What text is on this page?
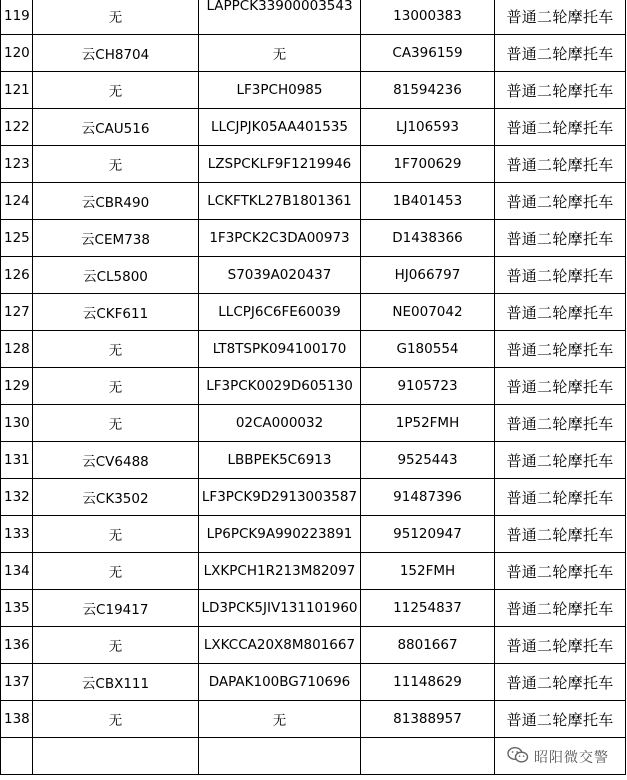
119	无	LAPPCK33900003543	13000383	普通二轮摩托车
120	云CH8704	无	CA396159	普通二轮摩托车
121	无	LF3PCH0985	81594236	普通二轮摩托车
122	云CAU516	LLCJPJK05AA401535	LJ106593	普通二轮摩托车
123	无	LZSPCKLF9F1219946	1F700629	普通二轮摩托车
124	云CBR490	LCKFTKL27B1801361	1B401453	普通二轮摩托车
125	云CEM738	1F3PCK2C3DA00973	D1438366	普通二轮摩托车
126	云CL5800	S7039A020437	HJ066797	普通二轮摩托车
127	云CKF611	LLCPJ6C6FE60039	NE007042	普通二轮摩托车
128	无	LT8TSPK094100170	G180554	普通二轮摩托车
129	无	LF3PCK0029D605130	9105723	普通二轮摩托车
130	无	02CA000032	1P52FMH	普通二轮摩托车
131	云CV6488	LBBPEK5C6913	9525443	普通二轮摩托车
132	云CK3502	LF3PCK9D2913003587	91487396	普通二轮摩托车
133	无	LP6PCK9A990223891	95120947	普通二轮摩托车
134	无	LXKPCH1R213M82097	152FMH	普通二轮摩托车
135	云C19417	LD3PCK5JIV131101960	11254837	普通二轮摩托车
136	无	LXKCCA20X8M801667	8801667	普通二轮摩托车
137	云CBX111	DAPAK100BG710696	11148629	普通二轮摩托车
138	无	无	81388957	普通二轮摩托车

昭阳微交警
